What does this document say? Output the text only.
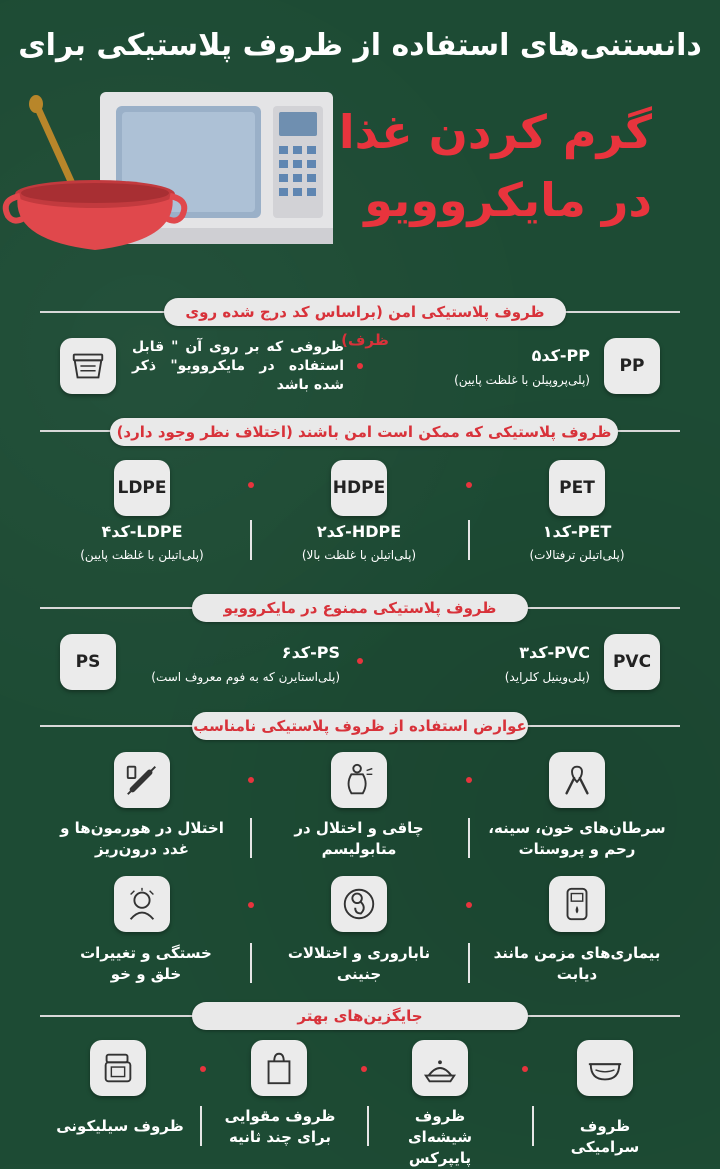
دانستنی‌های استفاده از ظروف پلاستیکی برای
گرم کردن غذا
در مایکروویو
ظروف پلاستیکی امن (براساس کد درج شده روی ظرف)
PP
PP-کد۵
(پلی‌پروپیلن با غلظت پایین)
ظروفی که بر روی آن " قابل استفاده در مایکروویو" ذکر شده باشد
ظروف پلاستیکی که ممکن است امن باشند (اختلاف نظر وجود دارد)
PET
HDPE
LDPE
PET-کد۱
(پلی‌اتیلن ترفتالات)
HDPE-کد۲
(پلی‌اتیلن با غلظت بالا)
LDPE-کد۴
(پلی‌اتیلن با غلظت پایین)
ظروف پلاستیکی ممنوع در مایکروویو
PVC
PVC-کد۳
(پلی‌وینیل کلراید)
PS-کد۶
(پلی‌استایرن که به فوم معروف است)
PS
عوارض استفاده از ظروف پلاستیکی نامناسب
سرطان‌های خون، سینه، رحم و پروستات
چاقی و اختلال در متابولیسم
اختلال در هورمون‌ها و غدد درون‌ریز
بیماری‌های مزمن مانند دیابت
ناباروری و اختلالات جنینی
خستگی و تغییرات خلق و خو
جایگزین‌های بهتر
ظروف سرامیکی
ظروف شیشه‌ای پایپرکس
ظروف مقوایی برای چند ثانیه
ظروف سیلیکونی
